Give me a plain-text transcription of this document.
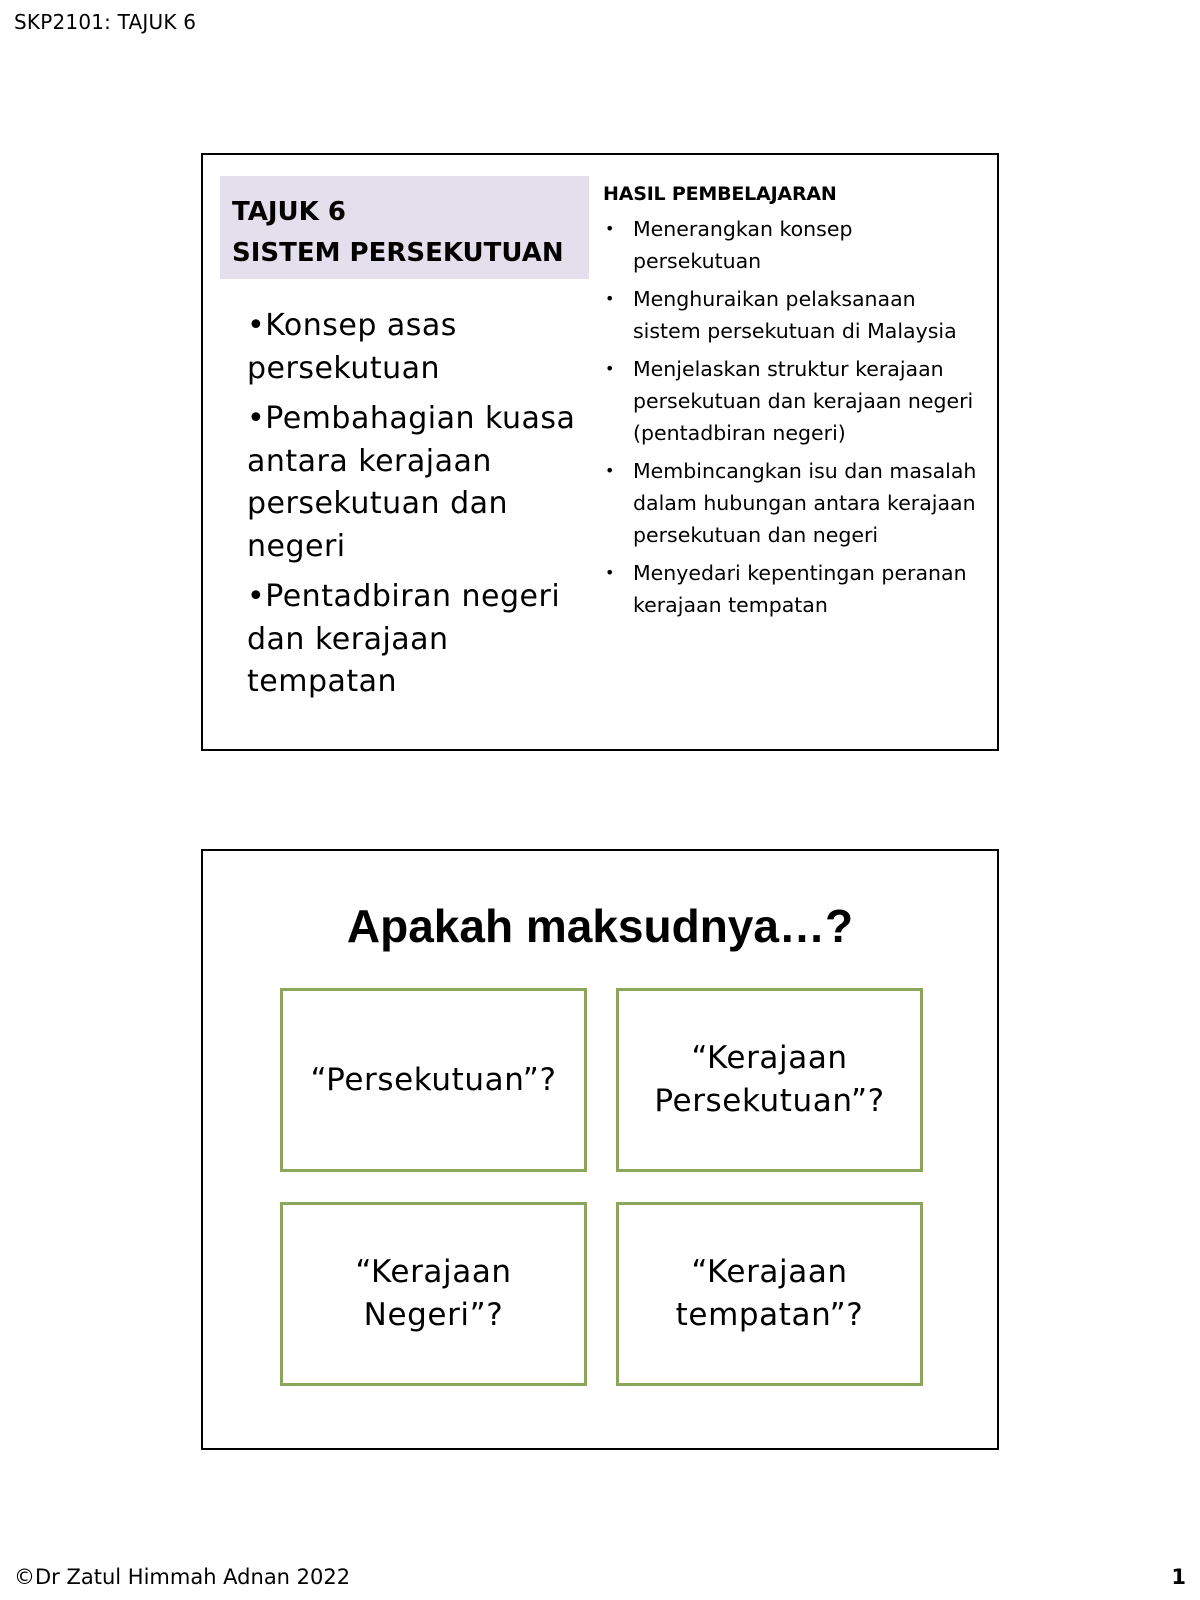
SKP2101: TAJUK 6
TAJUK 6
SISTEM PERSEKUTUAN
•Konsep asas persekutuan
•Pembahagian kuasa antara kerajaan persekutuan dan negeri
•Pentadbiran negeri dan kerajaan tempatan
HASIL PEMBELAJARAN
• Menerangkan konsep persekutuan
• Menghuraikan pelaksanaan sistem persekutuan di Malaysia
• Menjelaskan struktur kerajaan persekutuan dan kerajaan negeri (pentadbiran negeri)
• Membincangkan isu dan masalah dalam hubungan antara kerajaan persekutuan dan negeri
• Menyedari kepentingan peranan kerajaan tempatan
Apakah maksudnya…?
“Persekutuan”?
“Kerajaan Persekutuan”?
“Kerajaan Negeri”?
“Kerajaan tempatan”?
©Dr Zatul Himmah Adnan 2022	1
